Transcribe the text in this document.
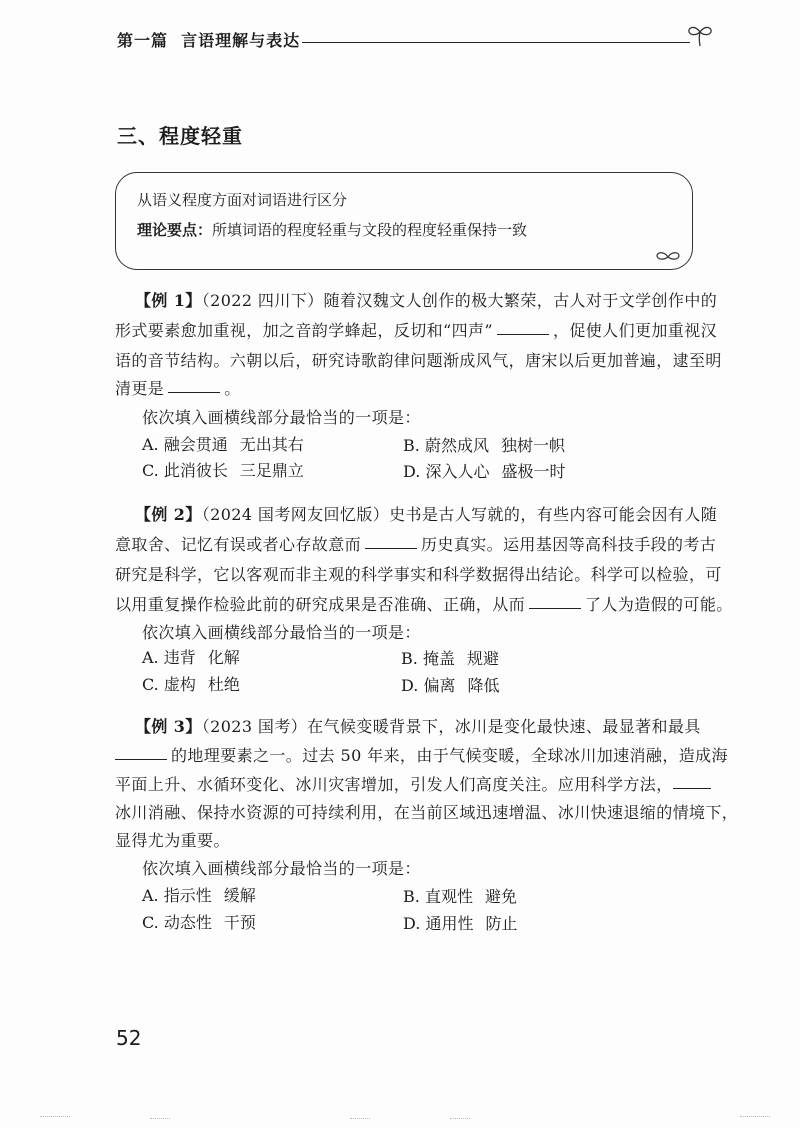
第一篇 言语理解与表达
三、程度轻重
从语义程度方面对词语进行区分
理论要点：所填词语的程度轻重与文段的程度轻重保持一致
【例 1】（2022 四川下）随着汉魏文人创作的极大繁荣，古人对于文学创作中的
形式要素愈加重视，加之音韵学蜂起，反切和“四声”	，促使人们更加重视汉
语的音节结构。六朝以后，研究诗歌韵律问题渐成风气，唐宋以后更加普遍，逮至明
清更是	。
依次填入画横线部分最恰当的一项是：
A. 融会贯通 无出其右	B. 蔚然成风 独树一帜
C. 此消彼长 三足鼎立	D. 深入人心 盛极一时
【例 2】（2024 国考网友回忆版）史书是古人写就的，有些内容可能会因有人随
意取舍、记忆有误或者心存故意而	历史真实。运用基因等高科技手段的考古
研究是科学，它以客观而非主观的科学事实和科学数据得出结论。科学可以检验，可
以用重复操作检验此前的研究成果是否准确、正确，从而	了人为造假的可能。
依次填入画横线部分最恰当的一项是：
A. 违背 化解	B. 掩盖 规避
C. 虚构 杜绝	D. 偏离 降低
【例 3】（2023 国考）在气候变暖背景下，冰川是变化最快速、最显著和最具
的地理要素之一。过去 50 年来，由于气候变暖，全球冰川加速消融，造成海
平面上升、水循环变化、冰川灾害增加，引发人们高度关注。应用科学方法，
冰川消融、保持水资源的可持续利用，在当前区域迅速增温、冰川快速退缩的情境下，
显得尤为重要。
依次填入画横线部分最恰当的一项是：
A. 指示性 缓解	B. 直观性 避免
C. 动态性 干预	D. 通用性 防止
52
